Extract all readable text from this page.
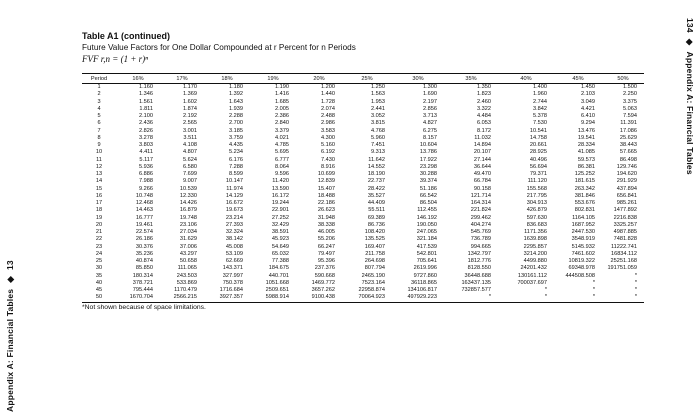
Appendix A: Financial Tables◆13
134◆Appendix A: Financial Tables
Table A1 (continued)
Future Value Factors for One Dollar Compounded at r Percent for n Periods
FVF r,n = (1 + r)ⁿ
Period	16%	17%	18%	19%	20%	25%	30%	35%	40%	45%	50%
1	1.160	1.170	1.180	1.190	1.200	1.250	1.300	1.350	1.400	1.450	1.500
2	1.346	1.369	1.392	1.416	1.440	1.563	1.690	1.823	1.960	2.103	2.250
3	1.561	1.602	1.643	1.685	1.728	1.953	2.197	2.460	2.744	3.049	3.375
4	1.811	1.874	1.939	2.005	2.074	2.441	2.856	3.322	3.842	4.421	5.063
5	2.100	2.192	2.288	2.386	2.488	3.052	3.713	4.484	5.378	6.410	7.594
6	2.436	2.565	2.700	2.840	2.986	3.815	4.827	6.053	7.530	9.294	11.391
7	2.826	3.001	3.185	3.379	3.583	4.768	6.275	8.172	10.541	13.476	17.086
8	3.278	3.511	3.759	4.021	4.300	5.960	8.157	11.032	14.758	19.541	25.629
9	3.803	4.108	4.435	4.785	5.160	7.451	10.604	14.894	20.661	28.334	38.443
10	4.411	4.807	5.234	5.695	6.192	9.313	13.786	20.107	28.925	41.085	57.665
11	5.117	5.624	6.176	6.777	7.430	11.642	17.922	27.144	40.496	59.573	86.498
12	5.936	6.580	7.288	8.064	8.916	14.552	23.298	36.644	56.694	86.381	129.746
13	6.886	7.699	8.599	9.596	10.699	18.190	30.288	49.470	79.371	125.252	194.620
14	7.988	9.007	10.147	11.420	12.839	22.737	39.374	66.784	111.120	181.615	291.929
15	9.266	10.539	11.974	13.590	15.407	28.422	51.186	90.158	155.568	263.342	437.894
16	10.748	12.330	14.129	16.172	18.488	35.527	66.542	121.714	217.795	381.846	656.841
17	12.468	14.426	16.672	19.244	22.186	44.409	86.504	164.314	304.913	553.676	985.261
18	14.463	16.879	19.673	22.901	26.623	55.511	112.455	221.824	426.879	802.831	1477.892
19	16.777	19.748	23.214	27.252	31.948	69.389	146.192	299.462	597.630	1164.105	2216.838
20	19.461	23.106	27.393	32.429	38.338	86.736	190.050	404.274	836.683	1687.952	3325.257
21	22.574	27.034	32.324	38.591	46.005	108.420	247.065	545.769	1171.356	2447.530	4987.885
22	26.186	31.629	38.142	45.923	55.206	135.525	321.184	736.789	1639.898	3548.919	7481.828
23	30.376	37.006	45.008	54.649	66.247	169.407	417.539	994.665	2295.857	5145.932	11222.741
24	35.236	43.297	53.109	65.032	79.497	211.758	542.801	1342.797	3214.200	7461.602	16834.112
25	40.874	50.658	62.669	77.388	95.396	264.698	705.641	1812.776	4499.880	10819.322	25251.168
30	85.850	111.065	143.371	184.675	237.376	807.794	2619.996	8128.550	24201.432	69348.978	191751.059
35	180.314	243.503	327.997	440.701	590.668	2465.190	9727.860	36448.688	130161.112	444508.508	*
40	378.721	533.869	750.378	1051.668	1469.772	7523.164	36118.865	163437.135	700037.697	*	*
45	795.444	1170.479	1716.684	2509.651	3657.262	22958.874	134106.817	732857.577	*	*	*
50	1670.704	2566.215	3927.357	5988.914	9100.438	70064.923	497929.223	*	*	*	*
*Not shown because of space limitations.
